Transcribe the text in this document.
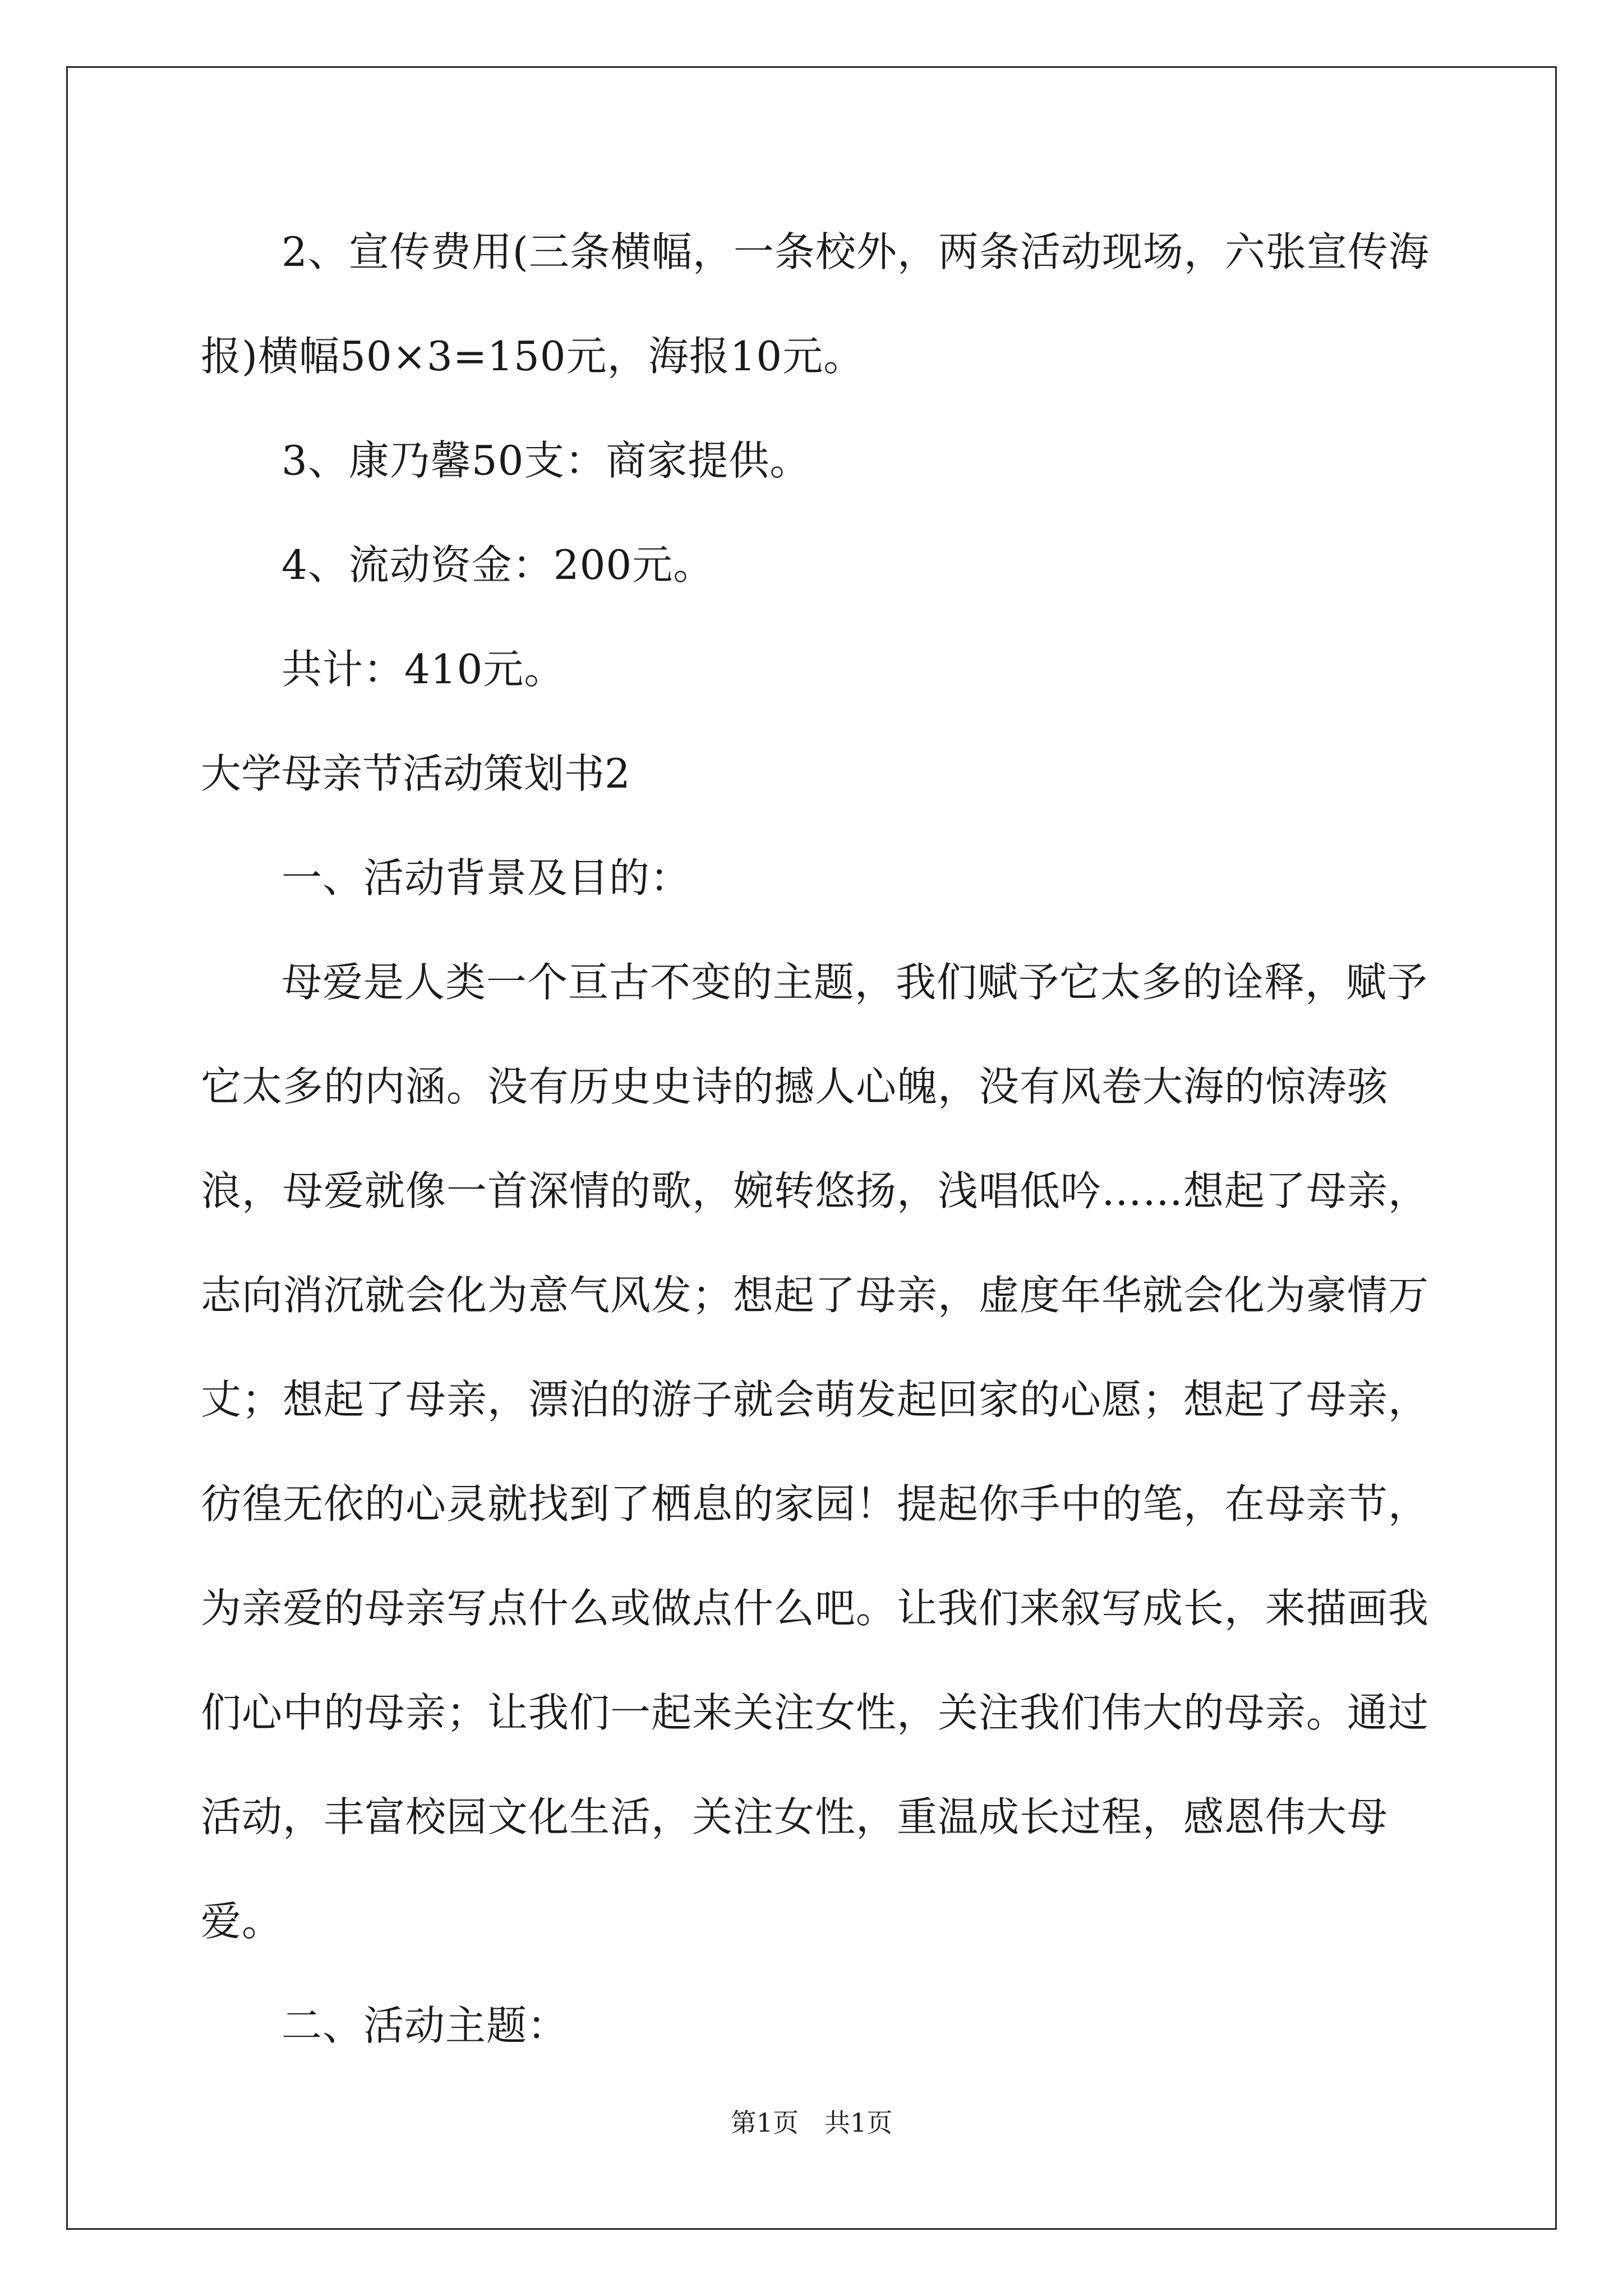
2、宣传费用(三条横幅，一条校外，两条活动现场，六张宣传海报)横幅50×3=150元，海报10元。

3、康乃馨50支：商家提供。

4、流动资金：200元。

共计：410元。

大学母亲节活动策划书2

一、活动背景及目的：

母爱是人类一个亘古不变的主题，我们赋予它太多的诠释，赋予它太多的内涵。没有历史史诗的撼人心魄，没有风卷大海的惊涛骇浪，母爱就像一首深情的歌，婉转悠扬，浅唱低吟……想起了母亲，志向消沉就会化为意气风发；想起了母亲，虚度年华就会化为豪情万丈；想起了母亲，漂泊的游子就会萌发起回家的心愿；想起了母亲，彷徨无依的心灵就找到了栖息的家园！提起你手中的笔，在母亲节，为亲爱的母亲写点什么或做点什么吧。让我们来叙写成长，来描画我们心中的母亲；让我们一起来关注女性，关注我们伟大的母亲。通过活动，丰富校园文化生活，关注女性，重温成长过程，感恩伟大母爱。

二、活动主题：

第1页 共1页
